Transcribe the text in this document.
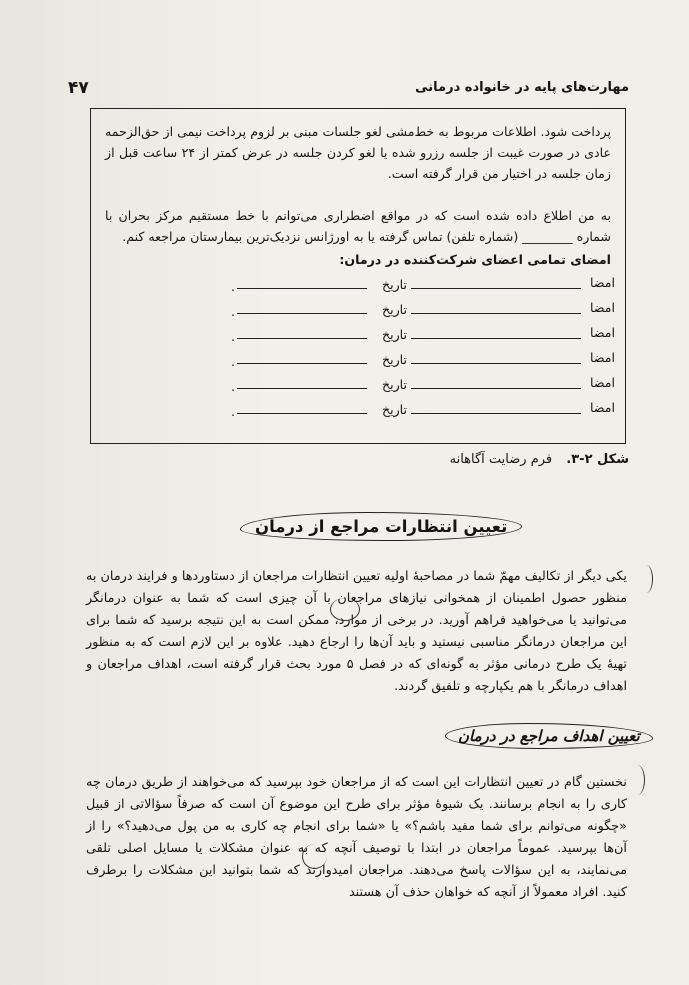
۴۷	مهارت‌های پایه در خانواده درمانی
پرداخت شود. اطلاعات مربوط به خط‌مشی لغو جلسات مبنی بر لزوم پرداخت نیمی از حق‌الزحمه عادی در صورت غیبت از جلسه رزرو شده یا لغو کردن جلسه در عرض کمتر از ۲۴ ساعت قبل از زمان جلسه در اختیار من قرار گرفته است.
به من اطلاع داده شده است که در مواقع اضطراری می‌توانم با خط مستقیم مرکز بحران با شماره ________ (شماره تلفن) تماس گرفته یا به اورژانس نزدیک‌ترین بیمارستان مراجعه کنم.
امضای تمامی اعضای شرکت‌کننده در درمان:
امضا
تاریخ
.
امضا
تاریخ
.
امضا
تاریخ
.
امضا
تاریخ
.
امضا
تاریخ
.
امضا
تاریخ
.
شکل ۲-۳. فرم رضایت آگاهانه
تعیین انتظارات مراجع از درمان
یکی دیگر از تکالیف مهمّ شما در مصاحبهٔ اولیه تعیین انتظارات مراجعان از دستاوردها و فرایند درمان به منظور حصول اطمینان از همخوانی نیازهای مراجعان با آن چیزی است که شما به عنوان درمانگر می‌توانید یا می‌خواهید فراهم آورید. در برخی از موارد، ممکن است به این نتیجه برسید که شما برای این مراجعان درمانگر مناسبی نیستید و باید آن‌ها را ارجاع دهید. علاوه بر این لازم است که به منظور تهیهٔ یک طرح درمانی مؤثر به گونه‌ای که در فصل ۵ مورد بحث قرار گرفته است، اهداف مراجعان و اهداف درمانگر با هم یکپارچه و تلفیق گردند.
تعیین اهداف مراجع در درمان
نخستین گام در تعیین انتظارات این است که از مراجعان خود بپرسید که می‌خواهند از طریق درمان چه کاری را به انجام برسانند. یک شیوهٔ مؤثر برای طرح این موضوع آن است که صرفاً سؤالاتی از قبیل «چگونه می‌توانم برای شما مفید باشم؟» یا «شما برای انجام چه کاری به من پول می‌دهید؟» را از آن‌ها بپرسید. عموماً مراجعان در ابتدا با توصیف آنچه که به عنوان مشکلات یا مسایل اصلی تلقی می‌نمایند، به این سؤالات پاسخ می‌دهند. مراجعان امیدوارند که شما بتوانید این مشکلات را برطرف کنید. افراد معمولاً از آنچه که خواهان حذف آن هستند
